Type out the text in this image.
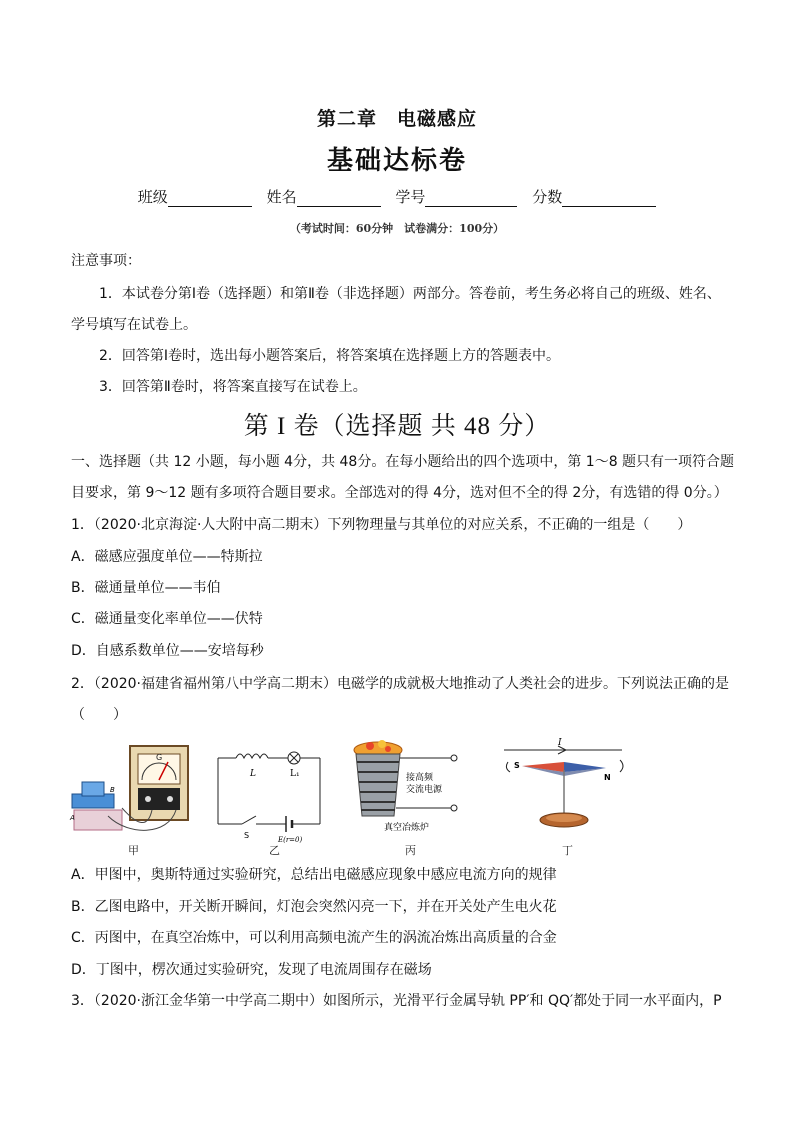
第二章　电磁感应
基础达标卷
班级	姓名	学号	分数
（考试时间：60分钟　试卷满分：100分）
注意事项：
1．本试卷分第Ⅰ卷（选择题）和第Ⅱ卷（非选择题）两部分。答卷前，考生务必将自己的班级、姓名、
学号填写在试卷上。
2．回答第Ⅰ卷时，选出每小题答案后，将答案填在选择题上方的答题表中。
3．回答第Ⅱ卷时，将答案直接写在试卷上。
第 I 卷（选择题 共 48 分）
一、选择题（共 12 小题，每小题 4分，共 48分。在每小题给出的四个选项中，第 1～8 题只有一项符合题
目要求，第 9～12 题有多项符合题目要求。全部选对的得 4分，选对但不全的得 2分，有选错的得 0分。）
1．（2020·北京海淀·人大附中高二期末）下列物理量与其单位的对应关系，不正确的一组是（　　）
A．磁感应强度单位——特斯拉
B．磁通量单位——韦伯
C．磁通量变化率单位——伏特
D．自感系数单位——安培每秒
2．（2020·福建省福州第八中学高二期末）电磁学的成就极大地推动了人类社会的进步。下列说法正确的是
（　　）
G
A
B
L	L₁
S	E(r=0)
接高频
交流电源
真空冶炼炉
I
S
N
甲	乙	丙	丁
A．甲图中，奥斯特通过实验研究，总结出电磁感应现象中感应电流方向的规律
B．乙图电路中，开关断开瞬间，灯泡会突然闪亮一下，并在开关处产生电火花
C．丙图中，在真空冶炼中，可以利用高频电流产生的涡流冶炼出高质量的合金
D．丁图中，楞次通过实验研究，发现了电流周围存在磁场
3．（2020·浙江金华第一中学高二期中）如图所示，光滑平行金属导轨 PP′和 QQ′都处于同一水平面内，P
